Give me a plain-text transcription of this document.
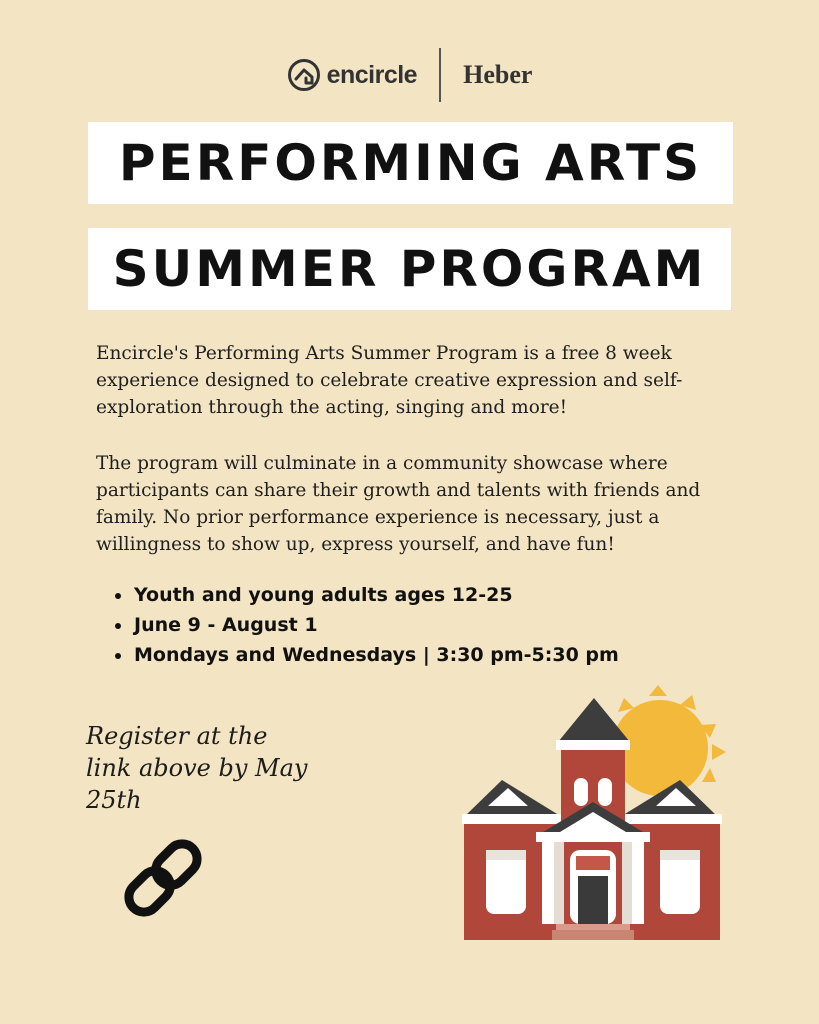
encircle	Heber
PERFORMING ARTS
SUMMER PROGRAM

Encircle's Performing Arts Summer Program is a free 8 week experience designed to celebrate creative expression and self-exploration through the acting, singing and more!

The program will culminate in a community showcase where participants can share their growth and talents with friends and family. No prior performance experience is necessary, just a willingness to show up, express yourself, and have fun!

Youth and young adults ages 12-25
June 9 - August 1
Mondays and Wednesdays | 3:30 pm-5:30 pm

Register at the link above by May 25th
